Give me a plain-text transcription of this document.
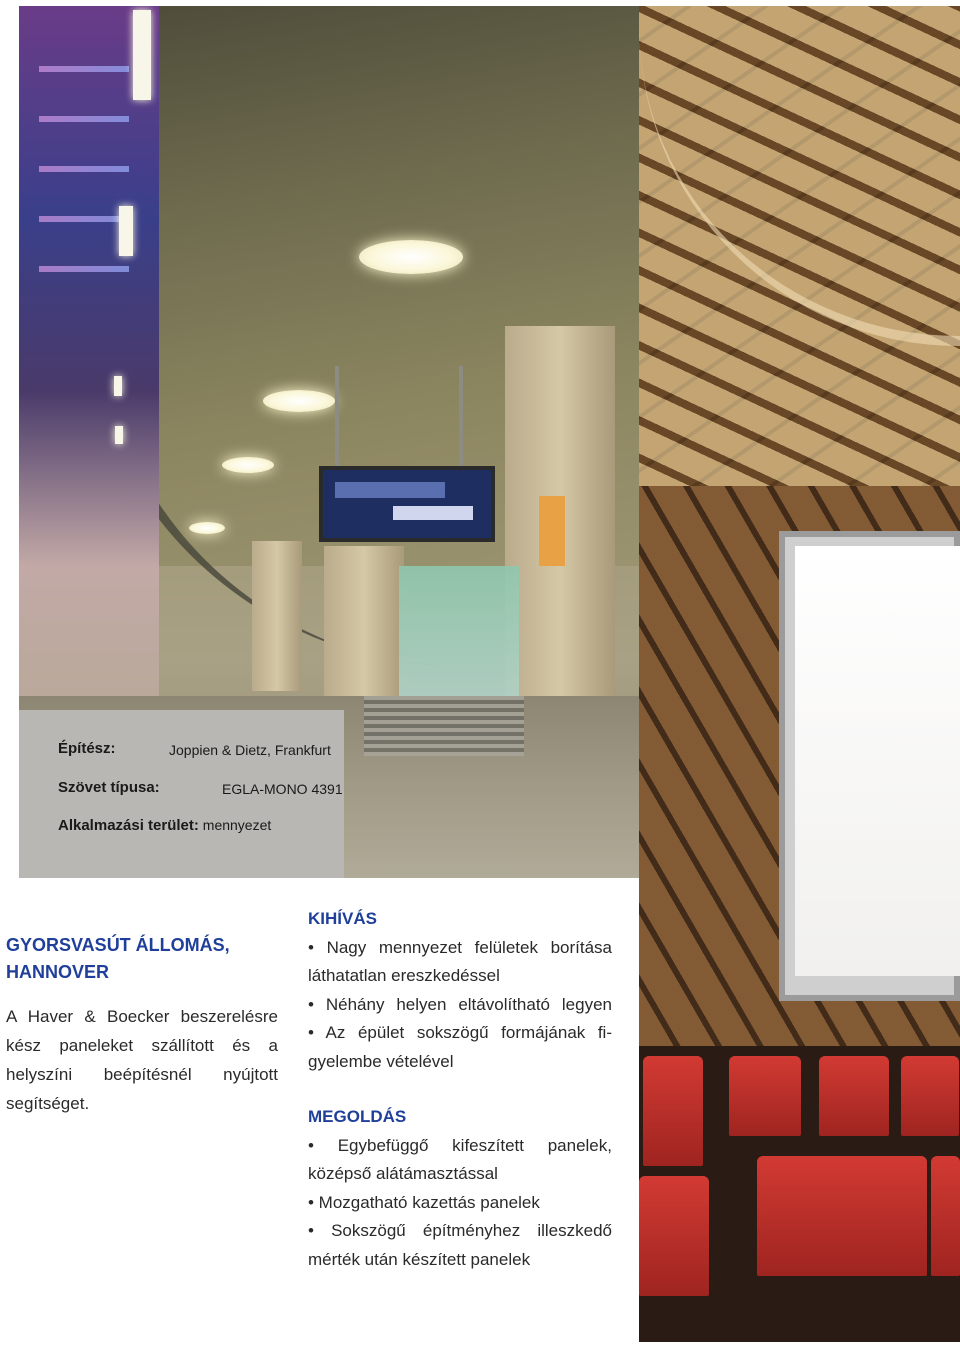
Építész:	Joppien & Dietz, Frankfurt
Szövet típusa:	EGLA-MONO 4391
Alkalmazási terület: mennyezet
GYORSVASÚT ÁLLOMÁS,
HANNOVER
A Haver & Boecker beszerelésre
kész paneleket szállított és a
helyszíni beépítésnél nyújtott
segítséget.
KIHÍVÁS
• Nagy mennyezet felületek borítása
láthatatlan ereszkedéssel
• Néhány helyen eltávolítható legyen
• Az épület sokszögű formájának fi-
gyelembe vételével
MEGOLDÁS
• Egybefüggő kifeszített panelek,
középső alátámasztással
• Mozgatható kazettás panelek
• Sokszögű építményhez illeszkedő
mérték után készített panelek
